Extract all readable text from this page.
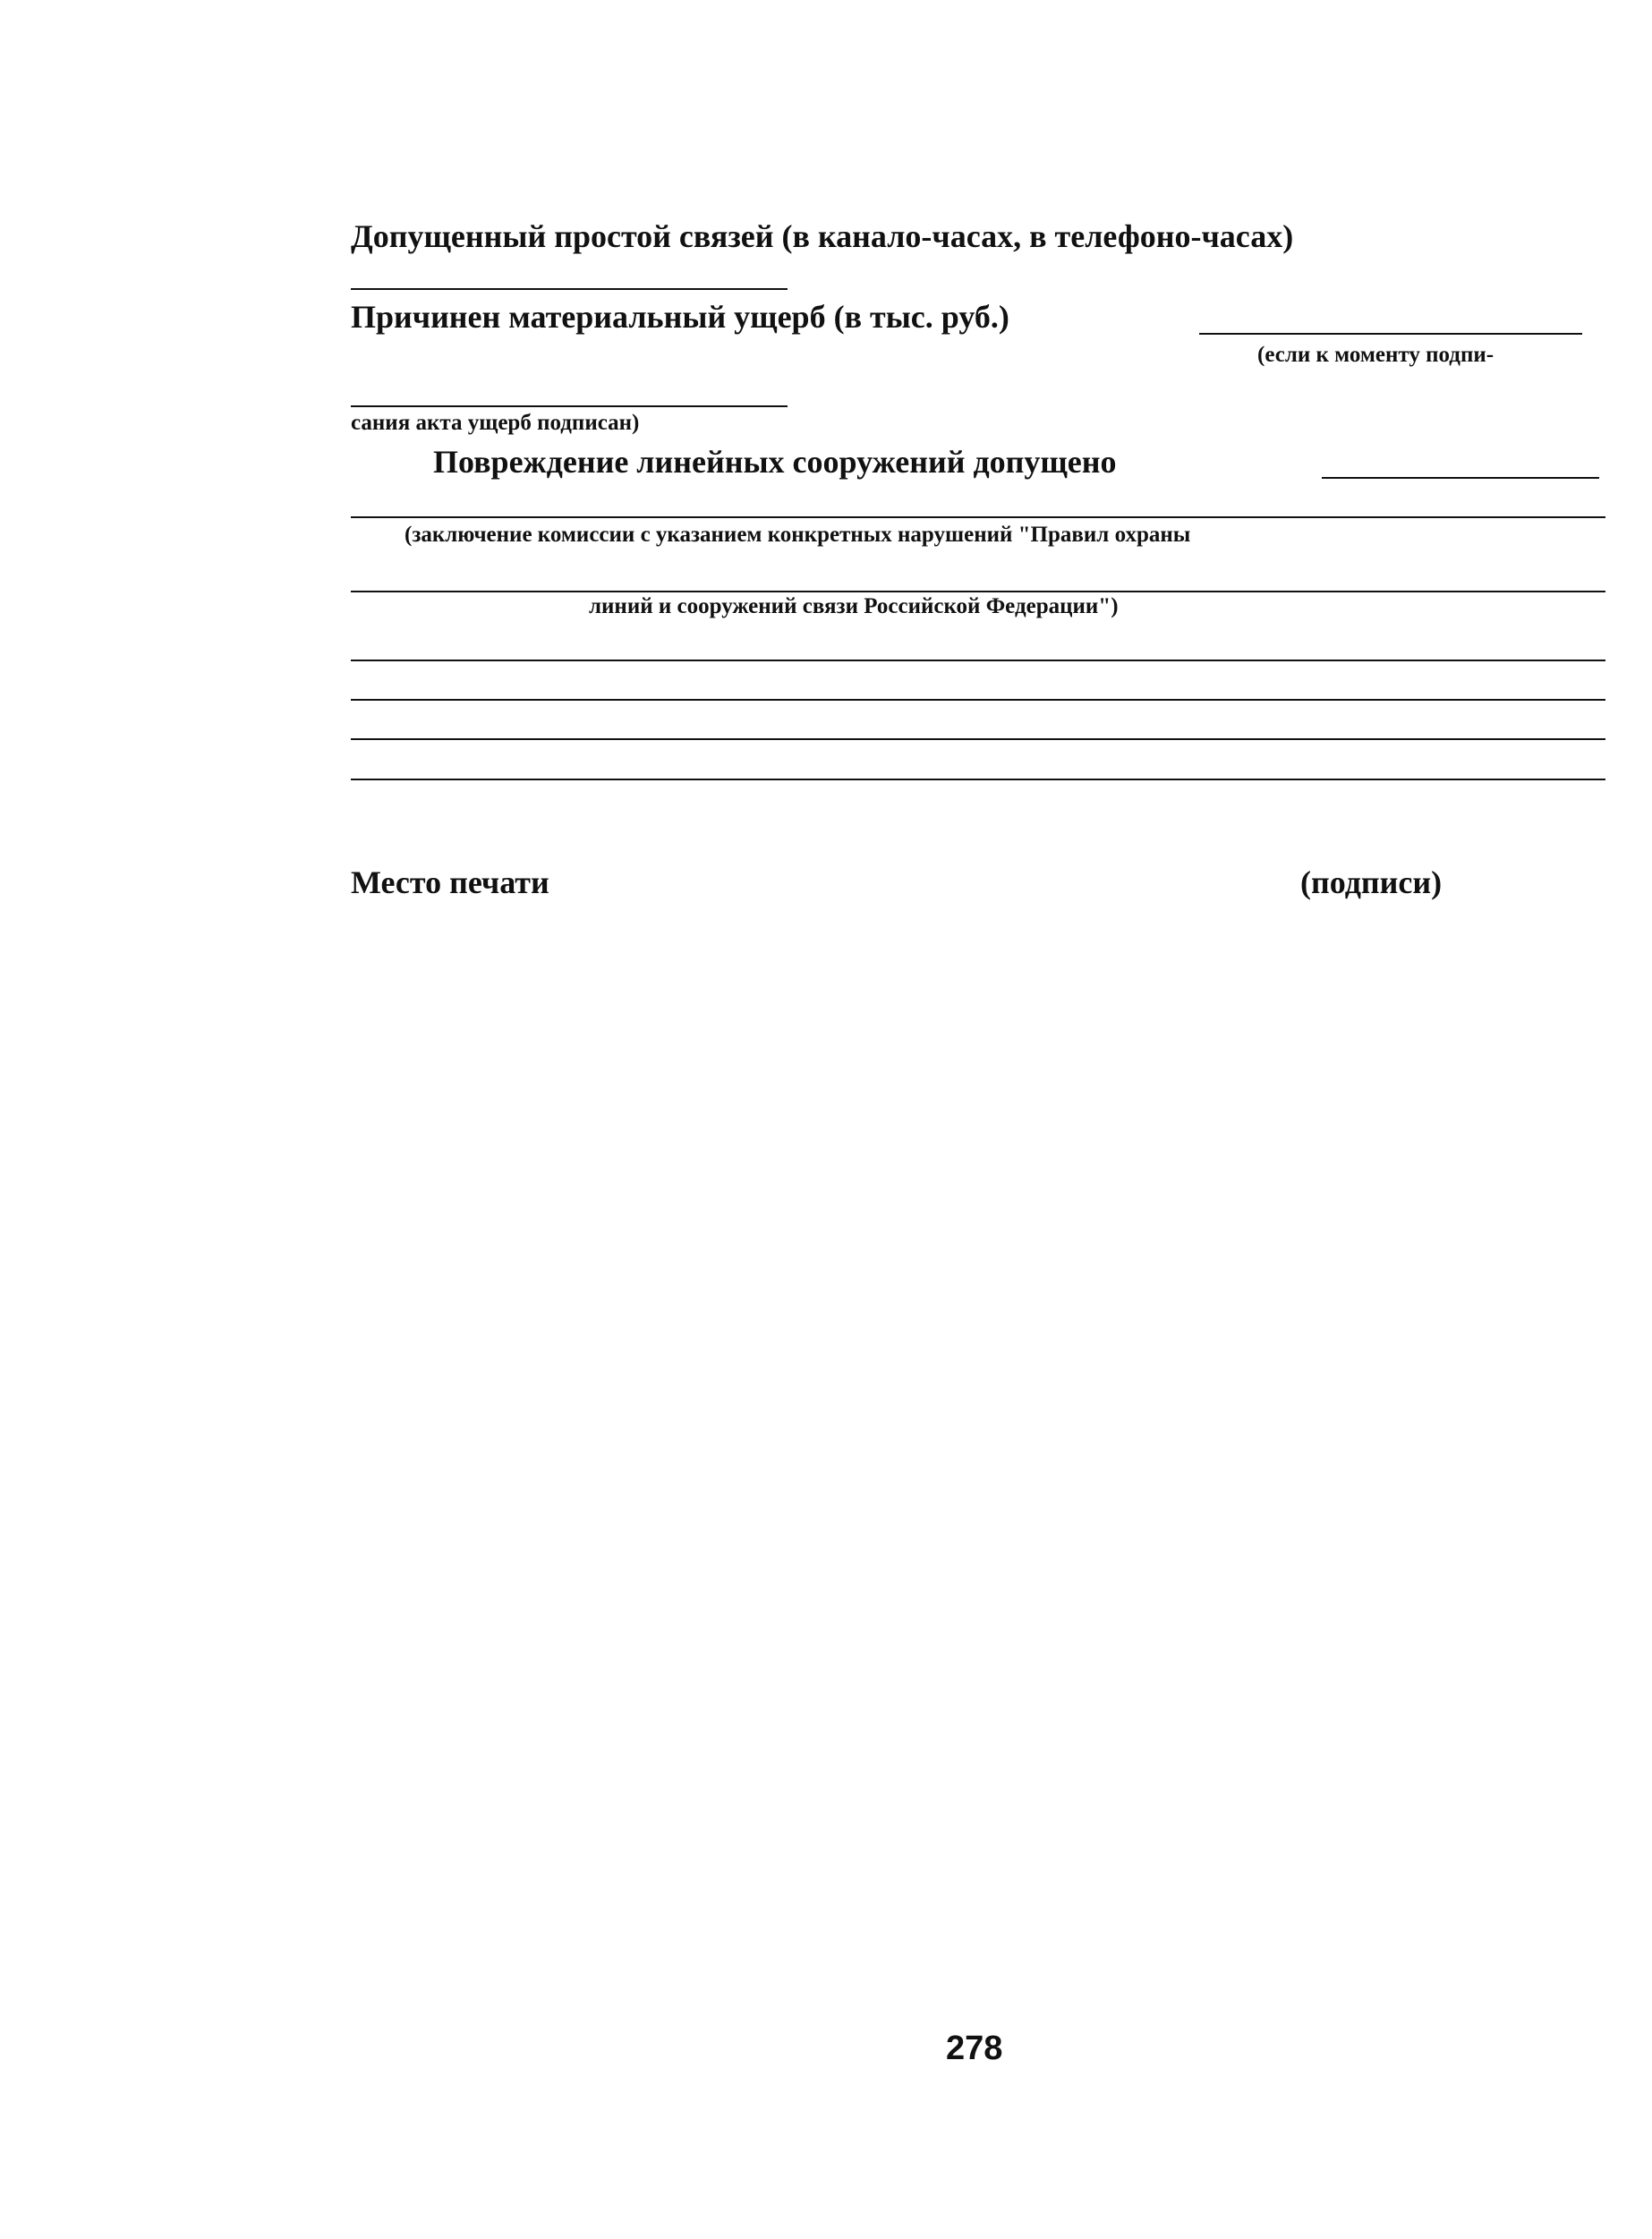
Допущенный простой связей (в канало-часах, в телефоно-часах)
Причинен материальный ущерб (в тыс. руб.)
(если к моменту подпи-
сания акта ущерб подписан)
Повреждение линейных сооружений допущено
(заключение комиссии с указанием конкретных нарушений "Правил охраны
линий и сооружений связи Российской Федерации")
Место печати	(подписи)
278
